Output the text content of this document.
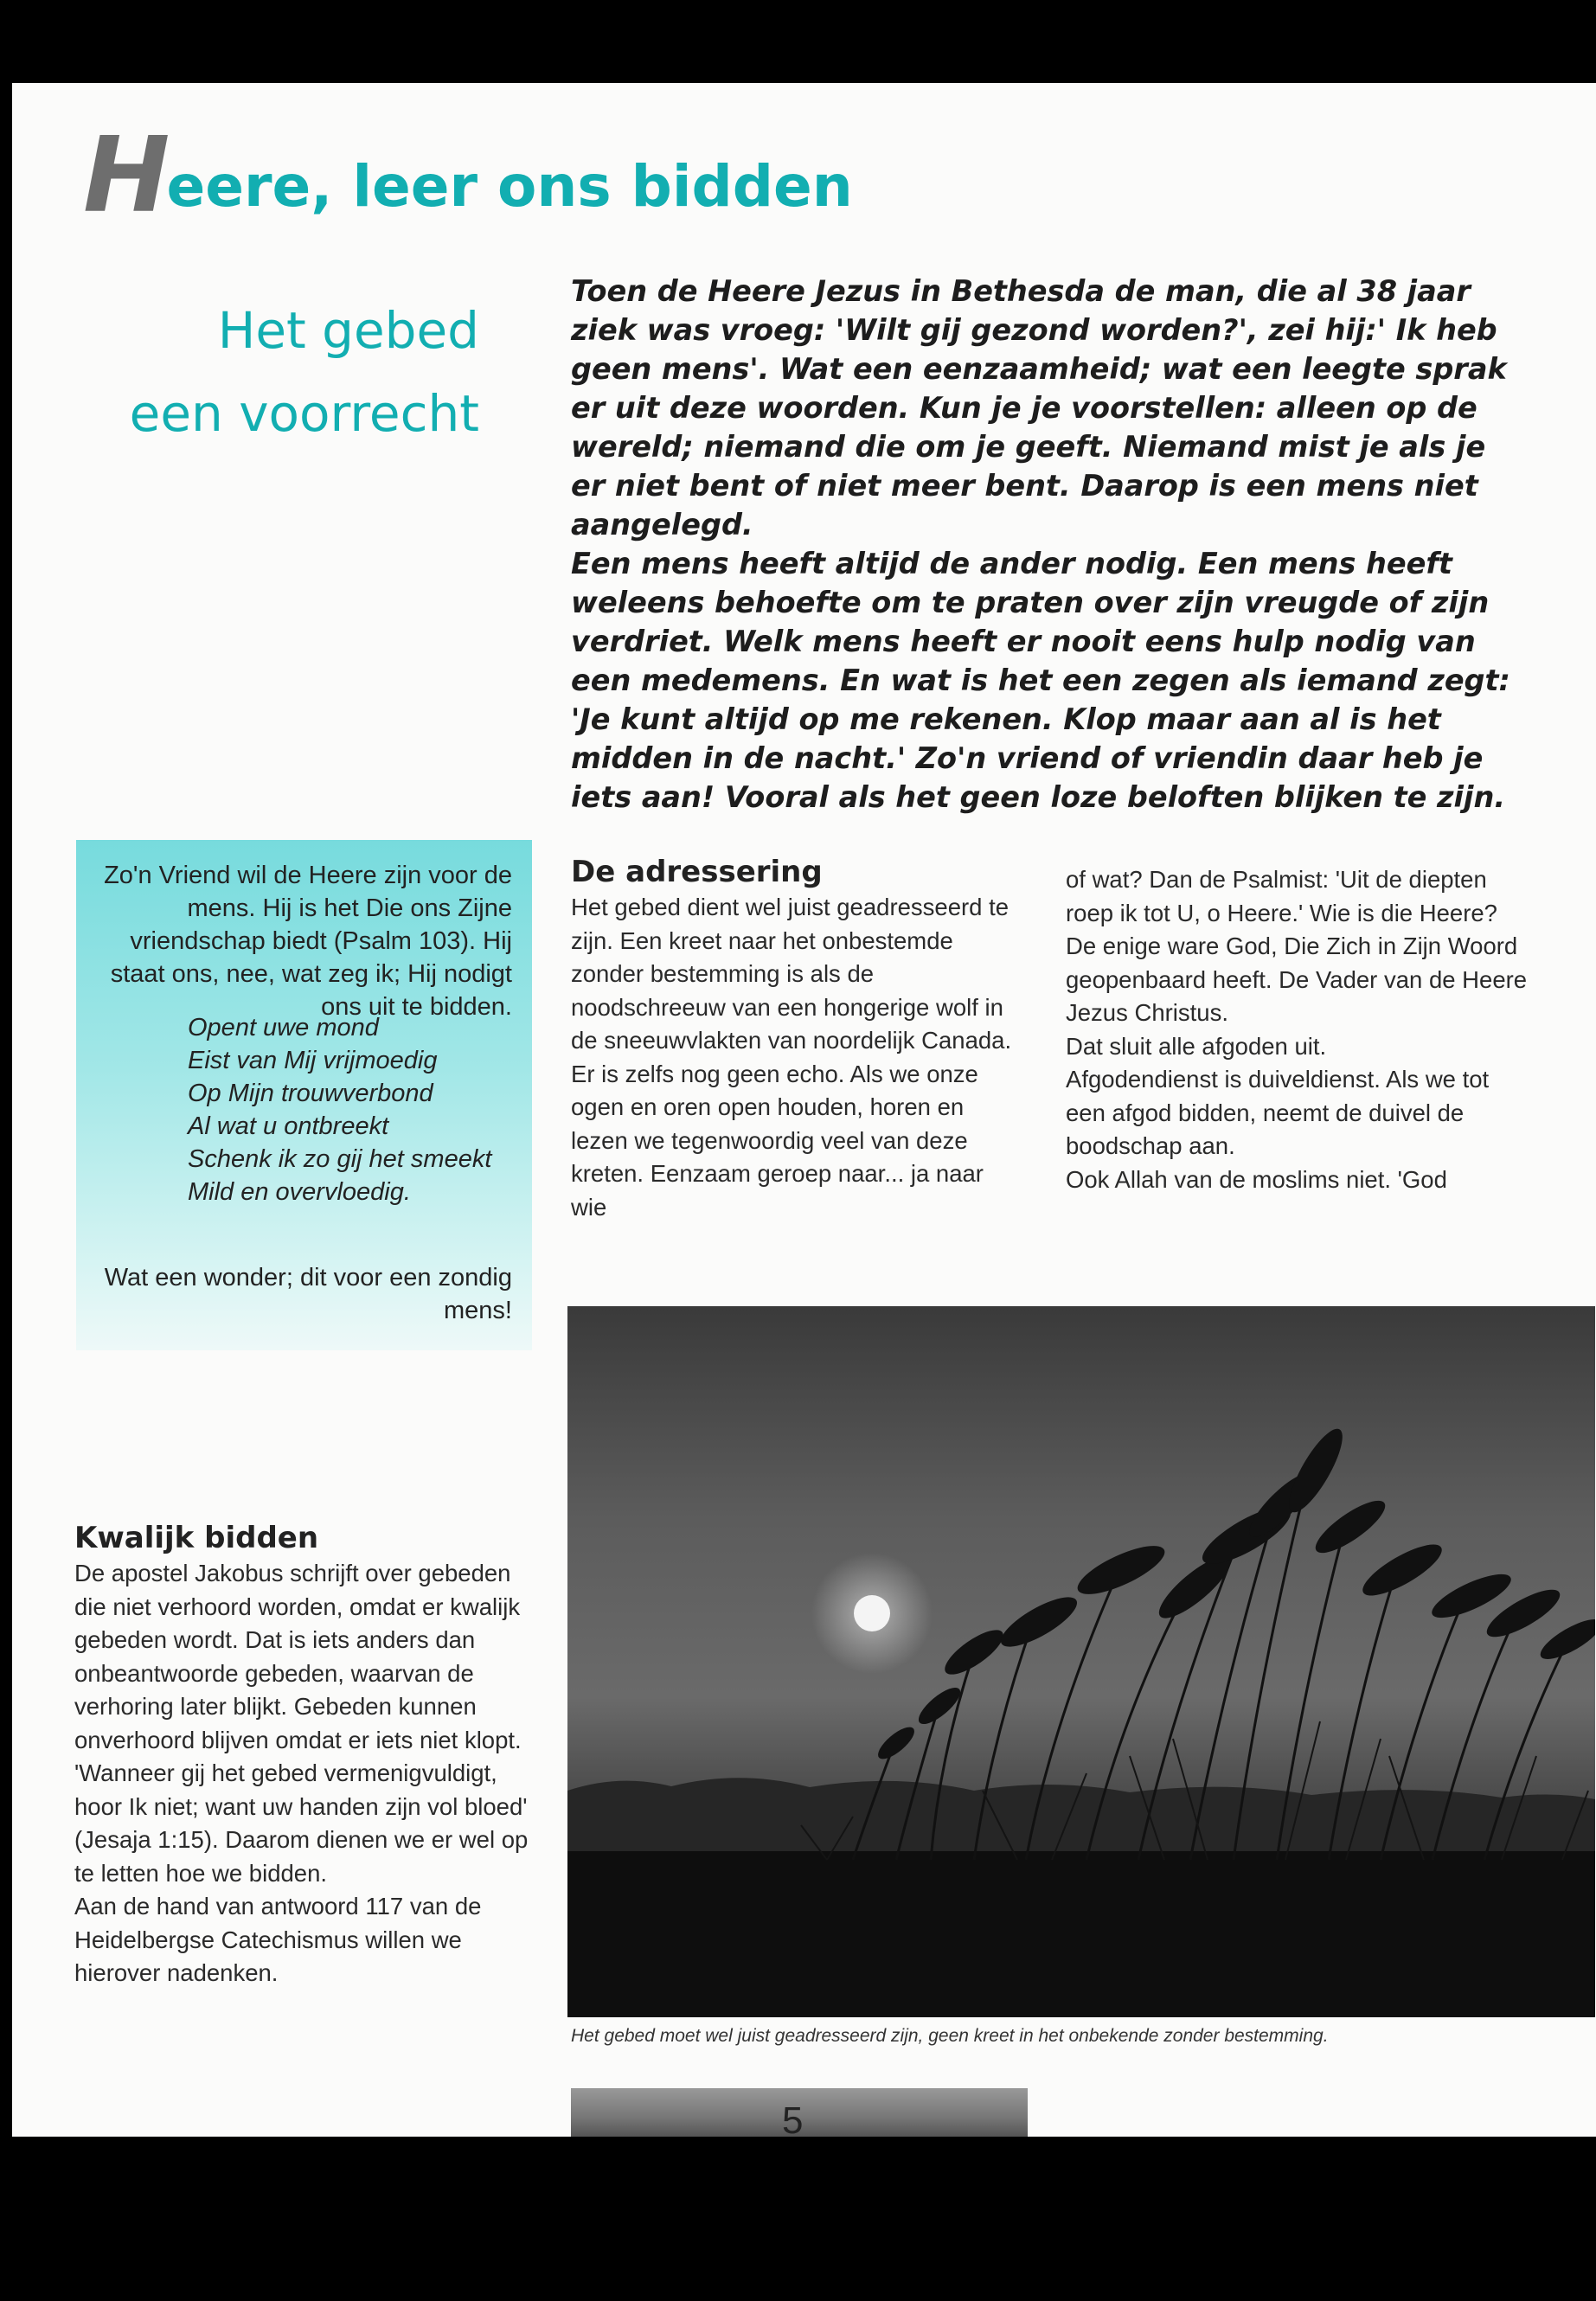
Heere, leer ons bidden
Het gebed
een voorrecht

Toen de Heere Jezus in Bethesda de man, die al 38 jaar ziek was vroeg: 'Wilt gij gezond worden?', zei hij:' Ik heb geen mens'. Wat een eenzaamheid; wat een leegte sprak er uit deze woorden. Kun je je voorstellen: alleen op de wereld; niemand die om je geeft. Niemand mist je als je er niet bent of niet meer bent. Daarop is een mens niet aangelegd.

Een mens heeft altijd de ander nodig. Een mens heeft weleens behoefte om te praten over zijn vreugde of zijn verdriet. Welk mens heeft er nooit eens hulp nodig van een medemens. En wat is het een zegen als iemand zegt: 'Je kunt altijd op me rekenen. Klop maar aan al is het midden in de nacht.' Zo'n vriend of vriendin daar heb je iets aan! Vooral als het geen loze beloften blijken te zijn.

Zo'n Vriend wil de Heere zijn voor de mens. Hij is het Die ons Zijne vriendschap biedt (Psalm 103). Hij staat ons, nee, wat zeg ik; Hij nodigt ons uit te bidden.

Opent uwe mond
Eist van Mij vrijmoedig
Op Mijn trouwverbond
Al wat u ontbreekt
Schenk ik zo gij het smeekt
Mild en overvloedig.
Wat een wonder; dit voor een zondig mens!
De adressering

Het gebed dient wel juist geadresseerd te zijn. Een kreet naar het onbestemde zonder bestemming is als de noodschreeuw van een hongerige wolf in de sneeuwvlakten van noordelijk Canada. Er is zelfs nog geen echo. Als we onze ogen en oren open houden, horen en lezen we tegenwoordig veel van deze kreten. Eenzaam geroep naar... ja naar wie

of wat? Dan de Psalmist: 'Uit de diepten roep ik tot U, o Heere.' Wie is die Heere? De enige ware God, Die Zich in Zijn Woord geopenbaard heeft. De Vader van de Heere Jezus Christus.

Dat sluit alle afgoden uit.

Afgodendienst is duiveldienst. Als we tot een afgod bidden, neemt de duivel de boodschap aan.

Ook Allah van de moslims niet. 'God

Kwalijk bidden

De apostel Jakobus schrijft over gebeden die niet verhoord worden, omdat er kwalijk gebeden wordt. Dat is iets anders dan onbeantwoorde gebeden, waarvan de verhoring later blijkt. Gebeden kunnen onverhoord blijven omdat er iets niet klopt. 'Wanneer gij het gebed vermenigvuldigt, hoor Ik niet; want uw handen zijn vol bloed' (Jesaja 1:15). Daarom dienen we er wel op te letten hoe we bidden.

Aan de hand van antwoord 117 van de Heidelbergse Catechismus willen we hierover nadenken.

Het gebed moet wel juist geadresseerd zijn, geen kreet in het onbekende zonder bestemming.
5
